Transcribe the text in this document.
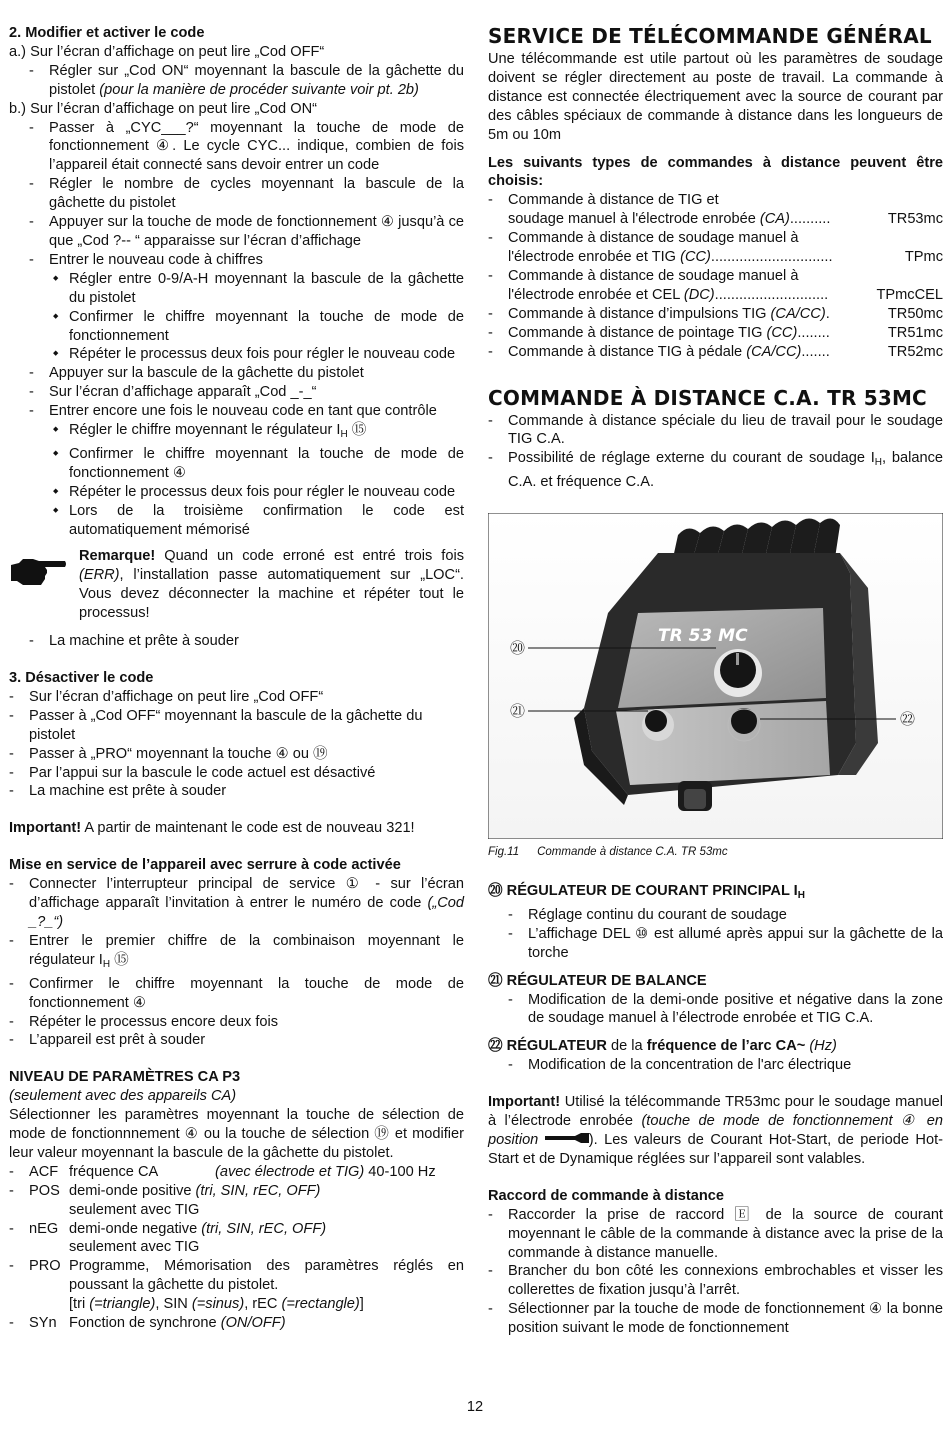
2. Modifier et activer le code

a.) Sur l’écran d’affichage on peut lire „Cod OFF“

- Régler sur „Cod ON“ moyennant la bascule de la gâchette du pistolet (pour la manière de procéder suivante voir pt. 2b)

b.) Sur l’écran d’affichage on peut lire „Cod ON“

- Passer à „CYC___?“ moyennant la touche de mode de fonctionnement ④. Le cycle CYC... indique, combien de fois l’appareil était connecté sans devoir entrer un code

- Régler le nombre de cycles moyennant la bascule de la gâchette du pistolet

- Appuyer sur la touche de mode de fonctionnement ④ jusqu’à ce que „Cod ?-- “ apparaisse sur l’écran d’affichage

- Entrer le nouveau code à chiffres

◆ Régler entre 0-9/A-H moyennant la bascule de la gâchette du pistolet

◆ Confirmer le chiffre moyennant la touche de mode de fonctionnement

◆ Répéter le processus deux fois pour régler le nouveau code

- Appuyer sur la bascule de la gâchette du pistolet

- Sur l’écran d’affichage apparaît „Cod _-_“

- Entrer encore une fois le nouveau code en tant que contrôle

◆ Régler le chiffre moyennant le régulateur $I_H$ ⑮

◆ Confirmer le chiffre moyennant la touche de mode de fonctionnement ④

◆ Répéter le processus deux fois pour régler le nouveau code

◆ Lors de la troisième confirmation le code est automatiquement mémorisé

Remarque! Quand un code erroné est entré trois fois (ERR), l’installation passe automatiquement sur „LOC“. Vous devez déconnecter la machine et répéter tout le processus!

- La machine et prête à souder

3. Désactiver le code

- Sur l’écran d’affichage on peut lire „Cod OFF“

- Passer à „Cod OFF“ moyennant la bascule de la gâchette du pistolet

- Passer à „PRO“ moyennant la touche ④ ou ⑲

- Par l’appui sur la bascule le code actuel est désactivé

- La machine est prête à souder

Important! A partir de maintenant le code est de nouveau 321!

Mise en service de l’appareil avec serrure à code activée

- Connecter l’interrupteur principal de service ① - sur l’écran d’affichage apparaît l’invitation à entrer le numéro de code („Cod _?_“)

- Entrer le premier chiffre de la combinaison moyennant le régulateur $I_H$ ⑮

- Confirmer le chiffre moyennant la touche de mode de fonctionnement ④

- Répéter le processus encore deux fois

- L’appareil est prêt à souder

NIVEAU DE PARAMÈTRES CA P3

(seulement avec des appareils CA)

Sélectionner les paramètres moyennant la touche de sélection de mode de fonctionnnement ④ ou la touche de sélection ⑲ et modifier leur valeur moyennant la bascule de la gâchette du pistolet.

-	ACF fréquence CA	(avec électrode et TIG) 40-100 Hz
-	POS demi-onde positive (tri, SIN, rEC, OFF)
seulement avec TIG
-	nEG demi-onde negative (tri, SIN, rEC, OFF)
seulement avec TIG
-	PRO Programme, Mémorisation des paramètres réglés en poussant la gâchette du pistolet.
[tri (=triangle), SIN (=sinus), rEC (=rectangle)]
-	SYn Fonction de synchrone (ON/OFF)
SERVICE DE TÉLÉCOMMANDE GÉNÉRAL

Une télécommande est utile partout où les paramètres de soudage doivent se régler directement au poste de travail. La commande à distance est connectée électriquement avec la source de courant par des câbles spéciaux de commande à distance dans les longueurs de 5m ou 10m

Les suivants types de commandes à distance peuvent être choisis:

- Commande à distance de TIG et
soudage manuel à l'électrode enrobée (CA)..........	TR53mc
- Commande à distance de soudage manuel à
l'électrode enrobée et TIG (CC)..............................	TPmc
- Commande à distance de soudage manuel à
l'électrode enrobée et CEL (DC)............................	TPmcCEL
- Commande à distance d’impulsions TIG (CA/CC).	TR50mc
- Commande à distance de pointage TIG (CC)........	TR51mc
- Commande à distance TIG à pédale (CA/CC).......	TR52mc
COMMANDE À DISTANCE C.A. TR 53MC

- Commande à distance spéciale du lieu de travail pour le soudage TIG C.A.

- Possibilité de réglage externe du courant de soudage $I_H$, balance C.A. et fréquence C.A.

TR 53 MC
⑳
㉑	㉒

Fig.11 Commande à distance C.A. TR 53mc

⑳ RÉGULATEUR DE COURANT PRINCIPAL $I_H$

- Réglage continu du courant de soudage

- L’affichage DEL ⑩ est allumé après appui sur la gâchette de la torche

㉑ RÉGULATEUR DE BALANCE

- Modification de la demi-onde positive et négative dans la zone de soudage manuel à l’électrode enrobée et TIG C.A.

㉒ RÉGULATEUR de la fréquence de l’arc CA~ (Hz)

- Modification de la concentration de l'arc électrique

Important! Utilisé la télécommande TR53mc pour le soudage manuel à l’électrode enrobée (touche de mode de fonctionnement ④ en position	). Les valeurs de Courant Hot-Start, de periode Hot-Start et de Dynamique réglées sur l’appareil sont valables.

Raccord de commande à distance

- Raccorder la prise de raccord 🄴 de la source de courant moyennant le câble de la commande à distance avec la prise de la commande à distance manuelle.

- Brancher du bon côté les connexions embrochables et visser les collerettes de fixation jusqu’à l’arrêt.

- Sélectionner par la touche de mode de fonctionnement ④ la bonne position suivant le mode de fonctionnement

12
